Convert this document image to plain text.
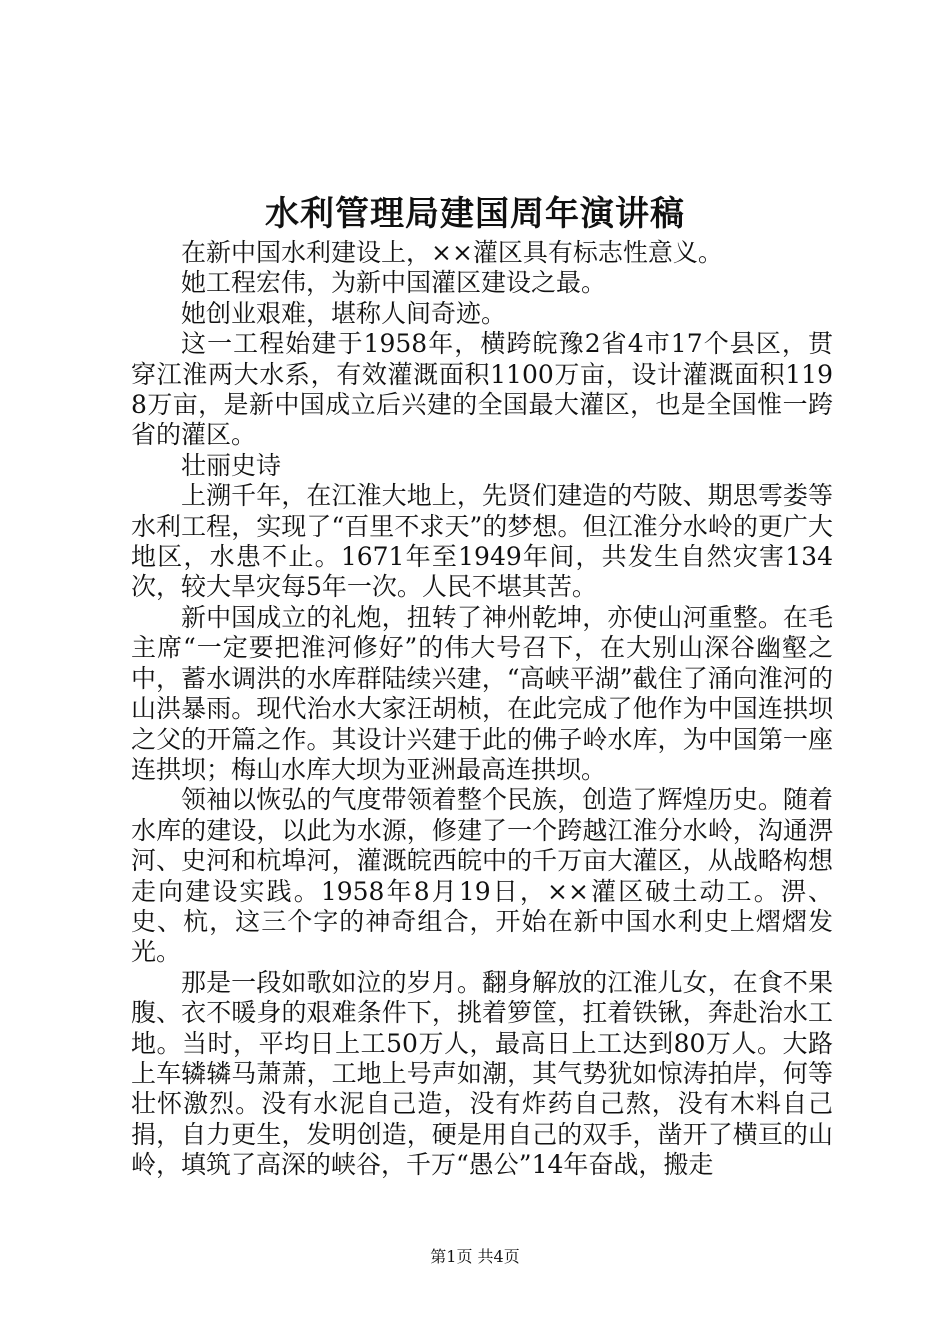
水利管理局建国周年演讲稿

在新中国水利建设上，××灌区具有标志性意义。

她工程宏伟，为新中国灌区建设之最。

她创业艰难，堪称人间奇迹。

这一工程始建于1958年，横跨皖豫2省4市17个县区，贯穿江淮两大水系，有效灌溉面积1100万亩，设计灌溉面积1198万亩，是新中国成立后兴建的全国最大灌区，也是全国惟一跨省的灌区。

壮丽史诗

上溯千年，在江淮大地上，先贤们建造的芍陂、期思雩娄等水利工程，实现了“百里不求天”的梦想。但江淮分水岭的更广大地区，水患不止。1671年至1949年间，共发生自然灾害134次，较大旱灾每5年一次。人民不堪其苦。

新中国成立的礼炮，扭转了神州乾坤，亦使山河重整。在毛主席“一定要把淮河修好”的伟大号召下，在大别山深谷幽壑之中，蓄水调洪的水库群陆续兴建，“高峡平湖”截住了涌向淮河的山洪暴雨。现代治水大家汪胡桢，在此完成了他作为中国连拱坝之父的开篇之作。其设计兴建于此的佛子岭水库，为中国第一座连拱坝；梅山水库大坝为亚洲最高连拱坝。

领袖以恢弘的气度带领着整个民族，创造了辉煌历史。随着水库的建设，以此为水源，修建了一个跨越江淮分水岭，沟通淠河、史河和杭埠河，灌溉皖西皖中的千万亩大灌区，从战略构想走向建设实践。1958年8月19日，××灌区破土动工。淠、史、杭，这三个字的神奇组合，开始在新中国水利史上熠熠发光。

那是一段如歌如泣的岁月。翻身解放的江淮儿女，在食不果腹、衣不暖身的艰难条件下，挑着箩筐，扛着铁锹，奔赴治水工地。当时，平均日上工50万人，最高日上工达到80万人。大路上车辚辚马萧萧，工地上号声如潮，其气势犹如惊涛拍岸，何等壮怀激烈。没有水泥自己造，没有炸药自己熬，没有木料自己捐，自力更生，发明创造，硬是用自己的双手，凿开了横亘的山岭，填筑了高深的峡谷，千万“愚公”14年奋战，搬走

第1页 共4页
